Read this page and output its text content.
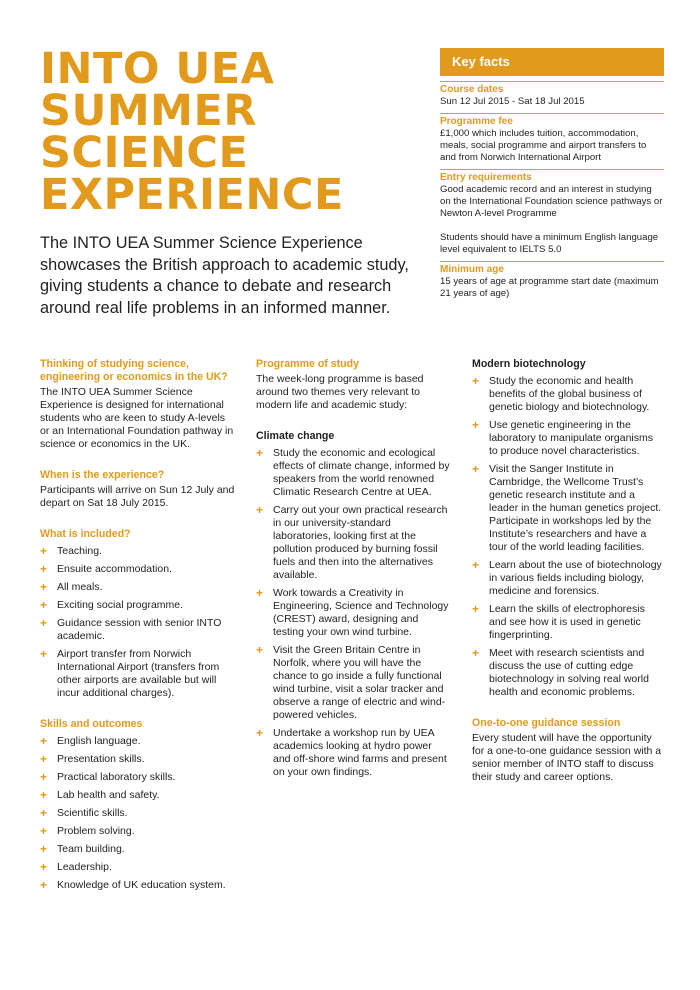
INTO UEA
SUMMER
SCIENCE
EXPERIENCE

The INTO UEA Summer Science Experience showcases the British approach to academic study, giving students a chance to debate and research around real life problems in an informed manner.

Key facts
Course dates

Sun 12 Jul 2015 - Sat 18 Jul 2015

Programme fee

£1,000 which includes tuition, accommodation, meals, social programme and airport transfers to and from Norwich International Airport

Entry requirements

Good academic record and an interest in studying on the International Foundation science pathways or Newton A-level Programme

Students should have a minimum English language level equivalent to IELTS 5.0

Minimum age

15 years of age at programme start date (maximum 21 years of age)

Thinking of studying science, engineering or economics in the UK?

The INTO UEA Summer Science Experience is designed for international students who are keen to study A-levels or an International Foundation pathway in science or economics in the UK.

When is the experience?

Participants will arrive on Sun 12 July and depart on Sat 18 July 2015.

What is included?
+ Teaching.
+ Ensuite accommodation.
+ All meals.
+ Exciting social programme.
+ Guidance session with senior INTO academic.
+ Airport transfer from Norwich International Airport (transfers from other airports are available but will incur additional charges).
Skills and outcomes
+ English language.
+ Presentation skills.
+ Practical laboratory skills.
+ Lab health and safety.
+ Scientific skills.
+ Problem solving.
+ Team building.
+ Leadership.
+ Knowledge of UK education system.
Programme of study

The week-long programme is based around two themes very relevant to modern life and academic study:

Climate change
+ Study the economic and ecological effects of climate change, informed by speakers from the world renowned Climatic Research Centre at UEA.
+ Carry out your own practical research in our university-standard laboratories, looking first at the pollution produced by burning fossil fuels and then into the alternatives available.
+ Work towards a Creativity in Engineering, Science and Technology (CREST) award, designing and testing your own wind turbine.
+ Visit the Green Britain Centre in Norfolk, where you will have the chance to go inside a fully functional wind turbine, visit a solar tracker and observe a range of electric and wind-powered vehicles.
+ Undertake a workshop run by UEA academics looking at hydro power and off-shore wind farms and present on your own findings.
Modern biotechnology
+ Study the economic and health benefits of the global business of genetic biology and biotechnology.
+ Use genetic engineering in the laboratory to manipulate organisms to produce novel characteristics.
+ Visit the Sanger Institute in Cambridge, the Wellcome Trust’s genetic research institute and a leader in the human genetics project. Participate in workshops led by the Institute’s researchers and have a tour of the world leading facilities.
+ Learn about the use of biotechnology in various fields including biology, medicine and forensics.
+ Learn the skills of electrophoresis and see how it is used in genetic fingerprinting.
+ Meet with research scientists and discuss the use of cutting edge biotechnology in solving real world health and economic problems.
One-to-one guidance session

Every student will have the opportunity for a one-to-one guidance session with a senior member of INTO staff to discuss their study and career options.
